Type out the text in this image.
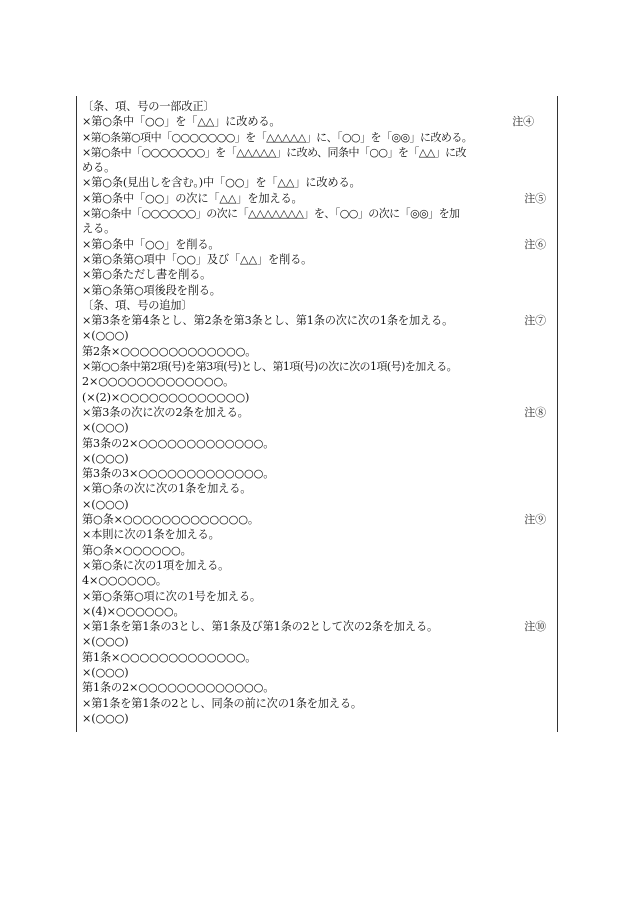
〔条、項、号の一部改正〕
×第○条中「○○」を「△△」に改める。	注④
×第○条第○項中「○○○○○○○」を「△△△△△」に、「○○」を「◎◎」に改める。
×第○条中「○○○○○○○」を「△△△△△」に改め、同条中「○○」を「△△」に改
める。
×第○条(見出しを含む。)中「○○」を「△△」に改める。
×第○条中「○○」の次に「△△」を加える。	注⑤
×第○条中「○○○○○○」の次に「△△△△△△△」を、「○○」の次に「◎◎」を加
える。
×第○条中「○○」を削る。	注⑥
×第○条第○項中「○○」及び「△△」を削る。
×第○条ただし書を削る。
×第○条第○項後段を削る。
〔条、項、号の追加〕
×第3条を第4条とし、第2条を第3条とし、第1条の次に次の1条を加える。	注⑦
×(○○○)
第2条×○○○○○○○○○○○○○。
×第○○条中第2項(号)を第3項(号)とし、第1項(号)の次に次の1項(号)を加える。
2×○○○○○○○○○○○○○。
(×(2)×○○○○○○○○○○○○○)
×第3条の次に次の2条を加える。	注⑧
×(○○○)
第3条の2×○○○○○○○○○○○○○。
×(○○○)
第3条の3×○○○○○○○○○○○○○。
×第○条の次に次の1条を加える。
×(○○○)
第○条×○○○○○○○○○○○○○。	注⑨
×本則に次の1条を加える。
第○条×○○○○○○。
×第○条に次の1項を加える。
4×○○○○○○。
×第○条第○項に次の1号を加える。
×(4)×○○○○○○。
×第1条を第1条の3とし、第1条及び第1条の2として次の2条を加える。	注⑩
×(○○○)
第1条×○○○○○○○○○○○○○。
×(○○○)
第1条の2×○○○○○○○○○○○○○。
×第1条を第1条の2とし、同条の前に次の1条を加える。
×(○○○)
